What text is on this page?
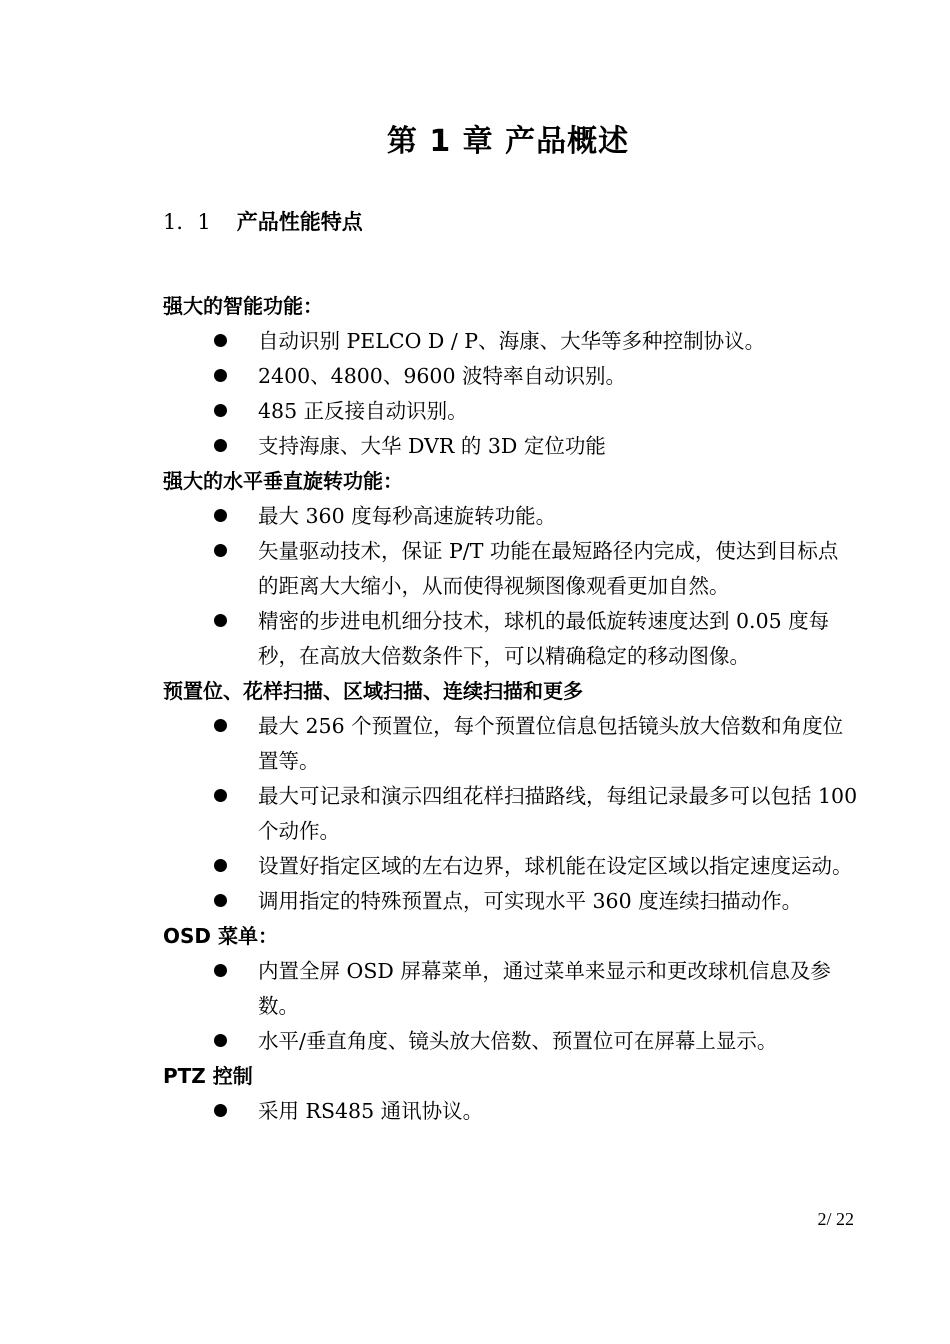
第 1 章 产品概述
1．1 产品性能特点
强大的智能功能：
自动识别 PELCO D / P、海康、大华等多种控制协议。
2400、4800、9600 波特率自动识别。
485 正反接自动识别。
支持海康、大华 DVR 的 3D 定位功能
强大的水平垂直旋转功能：
最大 360 度每秒高速旋转功能。
矢量驱动技术，保证 P/T 功能在最短路径内完成，使达到目标点的距离大大缩小，从而使得视频图像观看更加自然。
精密的步进电机细分技术，球机的最低旋转速度达到 0.05 度每秒，在高放大倍数条件下，可以精确稳定的移动图像。
预置位、花样扫描、区域扫描、连续扫描和更多
最大 256 个预置位，每个预置位信息包括镜头放大倍数和角度位置等。
最大可记录和演示四组花样扫描路线，每组记录最多可以包括 100 个动作。
设置好指定区域的左右边界，球机能在设定区域以指定速度运动。
调用指定的特殊预置点，可实现水平 360 度连续扫描动作。
OSD 菜单：
内置全屏 OSD 屏幕菜单，通过菜单来显示和更改球机信息及参数。
水平/垂直角度、镜头放大倍数、预置位可在屏幕上显示。
PTZ 控制
采用 RS485 通讯协议。
2/ 22
